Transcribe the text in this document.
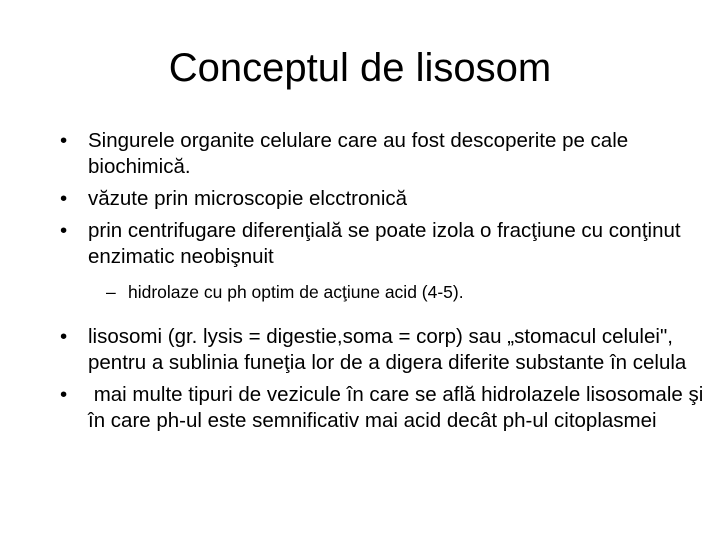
Conceptul de lisosom

• Singurele organite celulare care au fost descoperite pe cale biochimică.

• văzute prin microscopie elcctronică

• prin centrifugare diferenţială se poate izola o fracţiune cu conţinut enzimatic neobişnuit

– hidrolaze cu ph optim de acţiune acid (4-5).

• lisosomi (gr. lysis = digestie,soma = corp) sau „stomacul celulei", pentru a sublinia funeţia lor de a digera diferite substante în celula

• mai multe tipuri de vezicule în care se află hidrolazele lisosomale şi în care ph-ul este semnificativ mai acid decât ph-ul citoplasmei
